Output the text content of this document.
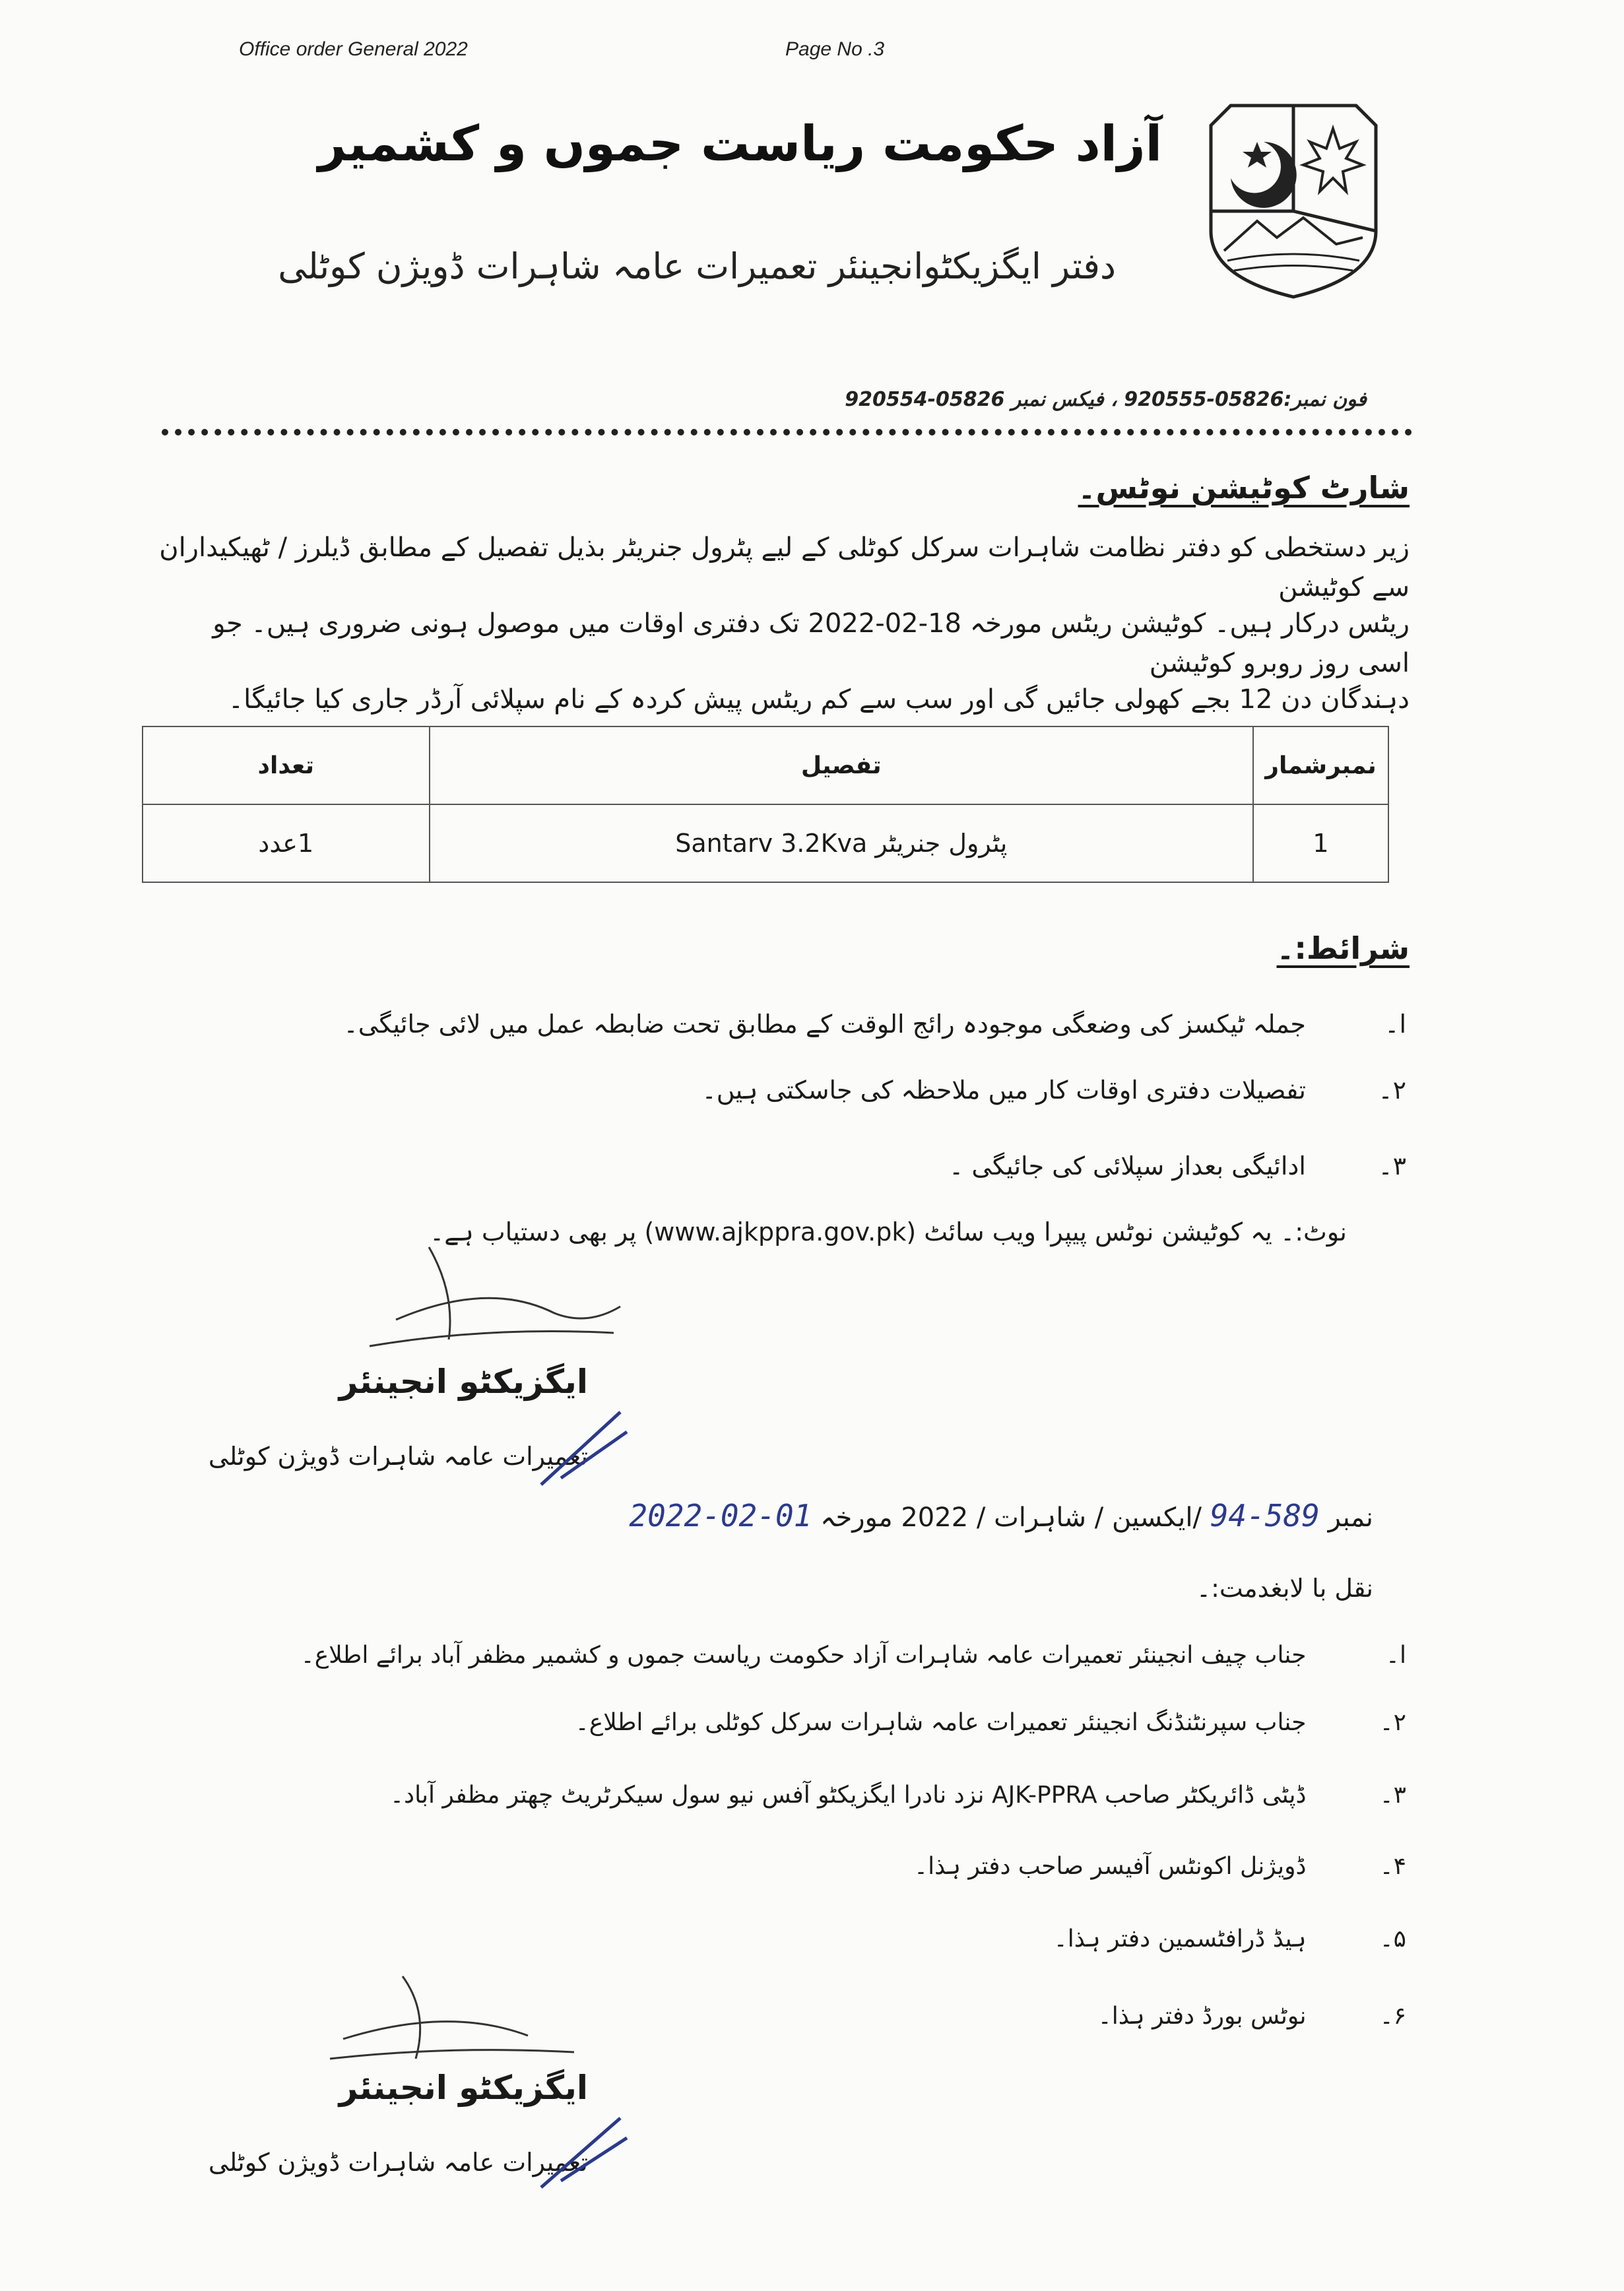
Office order General 2022	Page No .3
آزاد حکومت ریاست جموں و کشمیر
دفتر ایگزیکٹوانجینئر تعمیرات عامہ شاہرات ڈویژن کوٹلی
فون نمبر:05826-920555 ، فیکس نمبر 05826-920554
شارٹ کوٹیشن نوٹس۔
زیر دستخطی کو دفتر نظامت شاہرات سرکل کوٹلی کے لیے پٹرول جنریٹر بذیل تفصیل کے مطابق ڈیلرز / ٹھیکیداران سے کوٹیشن
ریٹس درکار ہیں۔ کوٹیشن ریٹس مورخہ 18-02-2022 تک دفتری اوقات میں موصول ہونی ضروری ہیں۔ جو اسی روز روبرو کوٹیشن
دہندگان دن 12 بجے کھولی جائیں گی اور سب سے کم ریٹس پیش کردہ کے نام سپلائی آرڈر جاری کیا جائیگا۔
نمبرشمار	تفصیل	تعداد
1	پٹرول جنریٹر Santarv 3.2Kva	1عدد
شرائط:۔
ا۔ جملہ ٹیکسز کی وضعگی موجودہ رائج الوقت کے مطابق تحت ضابطہ عمل میں لائی جائیگی۔
۲۔ تفصیلات دفتری اوقات کار میں ملاحظہ کی جاسکتی ہیں۔
۳۔ ادائیگی بعداز سپلائی کی جائیگی ۔
نوٹ:۔ یہ کوٹیشن نوٹس پیپرا ویب سائٹ (www.ajkppra.gov.pk) پر بھی دستیاب ہے۔
ایگزیکٹو انجینئر
تعمیرات عامہ شاہرات ڈویژن کوٹلی
نمبر 589-94 /ایکسین / شاہرات / 2022 مورخہ 01-02-2022
نقل با لابغدمت:۔
ا۔ جناب چیف انجینئر تعمیرات عامہ شاہرات آزاد حکومت ریاست جموں و کشمیر مظفر آباد برائے اطلاع۔
۲۔ جناب سپرنٹنڈنگ انجینئر تعمیرات عامہ شاہرات سرکل کوٹلی برائے اطلاع۔
۳۔ ڈپٹی ڈائریکٹر صاحب AJK-PPRA نزد نادرا ایگزیکٹو آفس نیو سول سیکرٹریٹ چھتر مظفر آباد۔
۴۔ ڈویژنل اکونٹس آفیسر صاحب دفتر ہذا۔
۵۔ ہیڈ ڈرافٹسمین دفتر ہذا۔
۶۔ نوٹس بورڈ دفتر ہذا۔
ایگزیکٹو انجینئر
تعمیرات عامہ شاہرات ڈویژن کوٹلی
